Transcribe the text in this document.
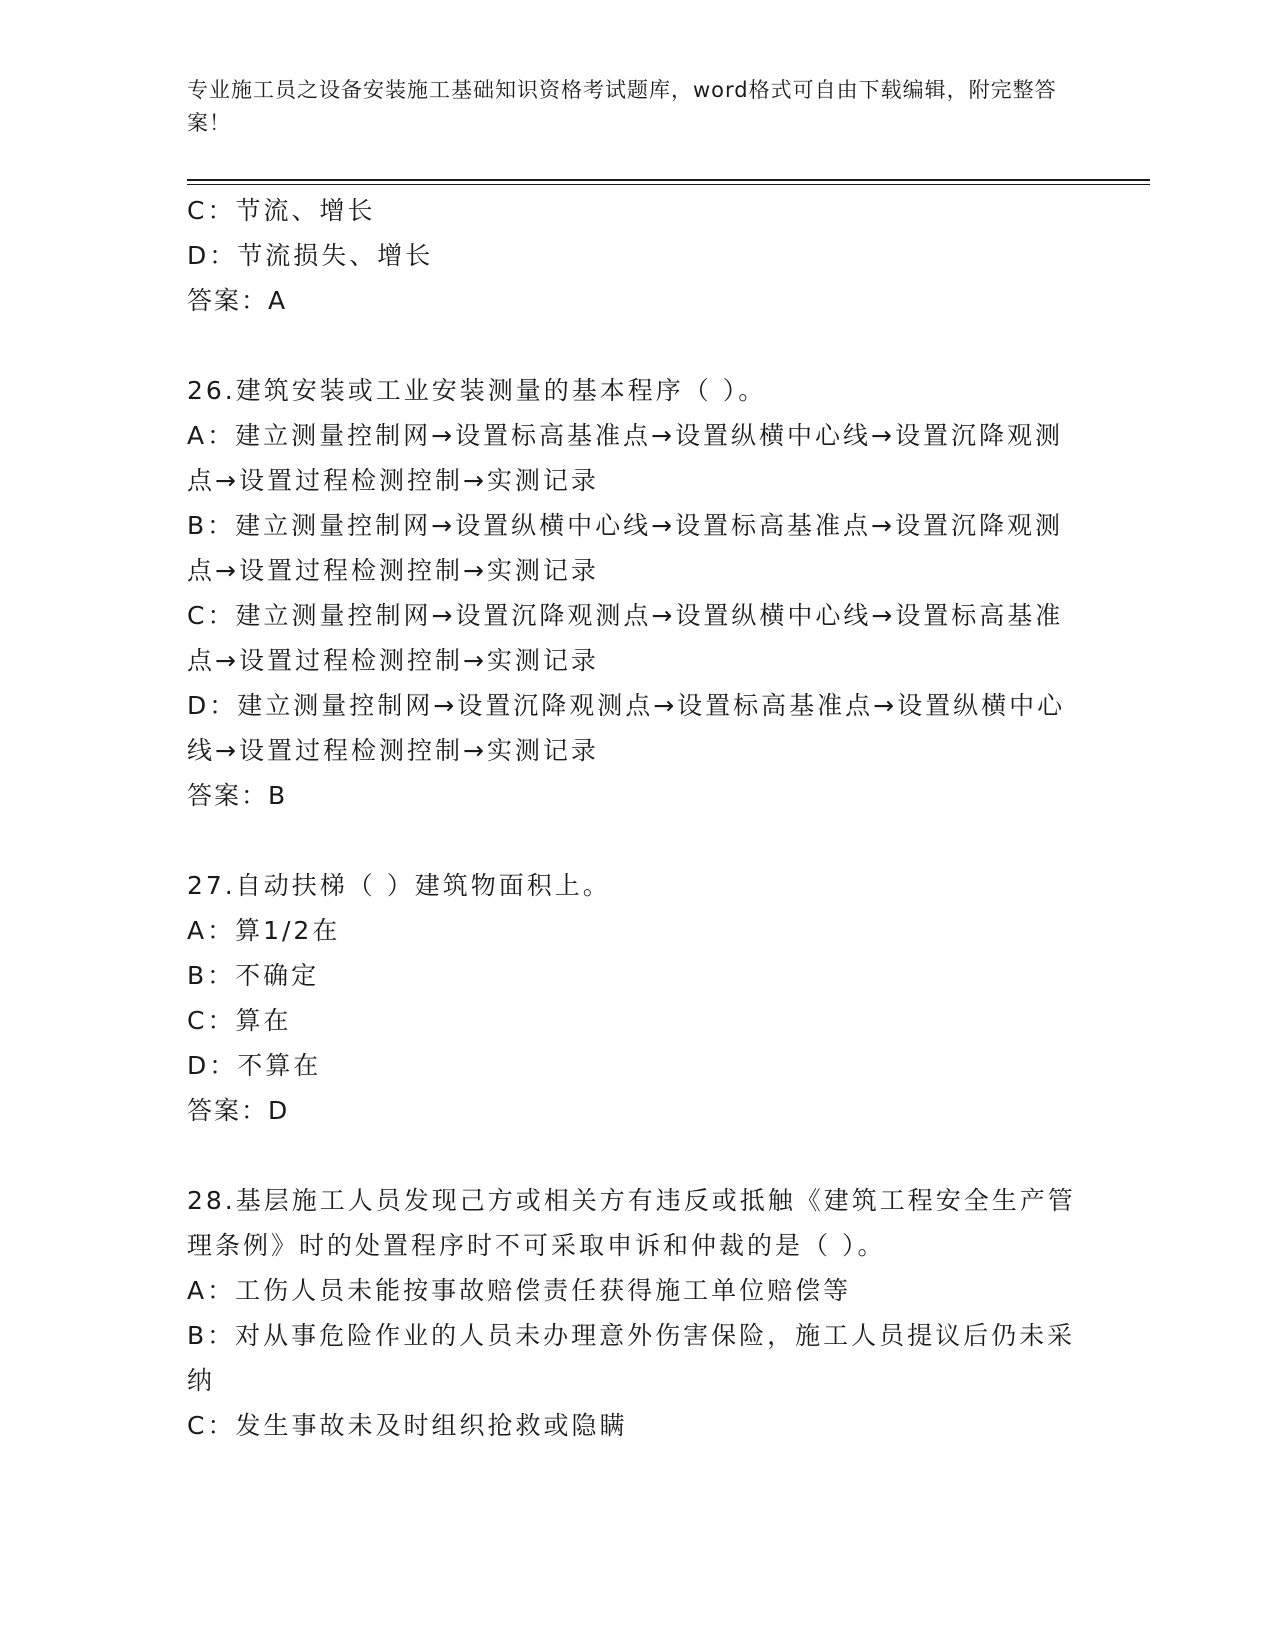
专业施工员之设备安装施工基础知识资格考试题库，word格式可自由下载编辑，附完整答案！
C：节流、增长
D：节流损失、增长
答案：A
26.建筑安装或工业安装测量的基本程序（ ）。
A：建立测量控制网→设置标高基准点→设置纵横中心线→设置沉降观测点→设置过程检测控制→实测记录
B：建立测量控制网→设置纵横中心线→设置标高基准点→设置沉降观测点→设置过程检测控制→实测记录
C：建立测量控制网→设置沉降观测点→设置纵横中心线→设置标高基准点→设置过程检测控制→实测记录
D：建立测量控制网→设置沉降观测点→设置标高基准点→设置纵横中心线→设置过程检测控制→实测记录
答案：B
27.自动扶梯（ ）建筑物面积上。
A：算1/2在
B：不确定
C：算在
D：不算在
答案：D
28.基层施工人员发现己方或相关方有违反或抵触《建筑工程安全生产管理条例》时的处置程序时不可采取申诉和仲裁的是（ ）。
A：工伤人员未能按事故赔偿责任获得施工单位赔偿等
B：对从事危险作业的人员未办理意外伤害保险，施工人员提议后仍未采纳
C：发生事故未及时组织抢救或隐瞒
